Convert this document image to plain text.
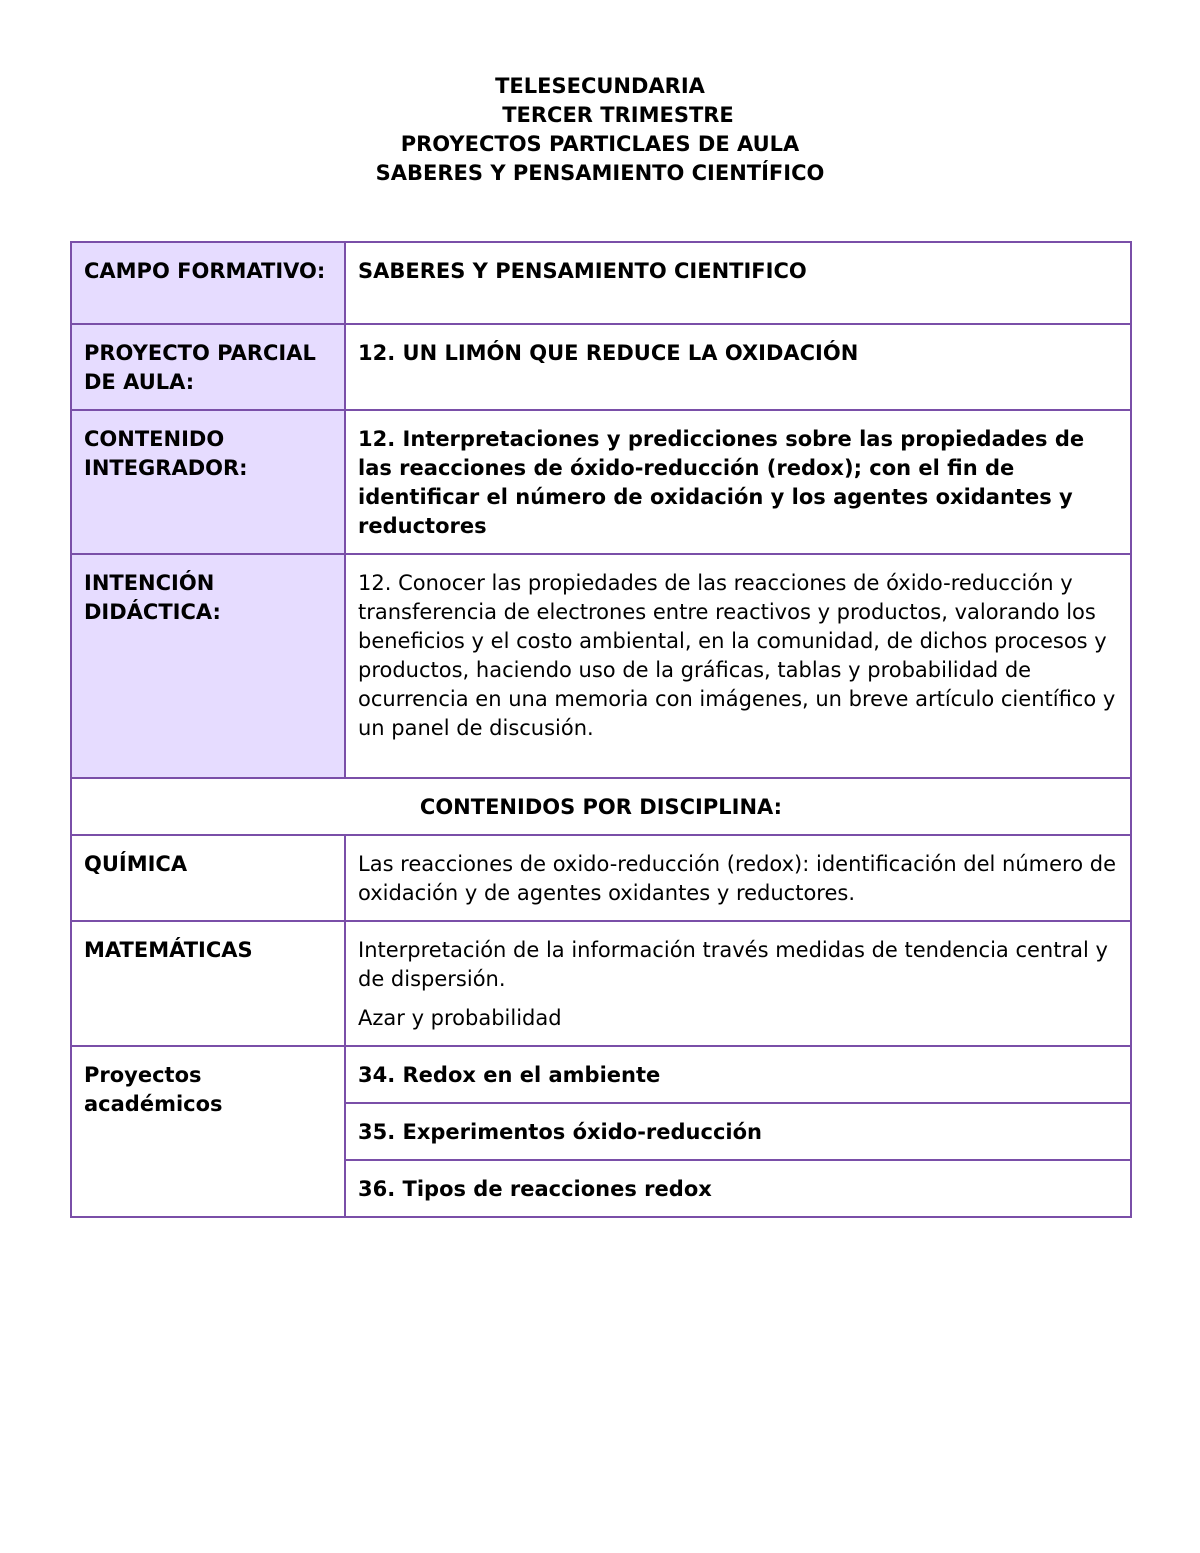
TELESECUNDARIA
TERCER TRIMESTRE
PROYECTOS PARTICLAES DE AULA
SABERES Y PENSAMIENTO CIENTÍFICO
CAMPO FORMATIVO:	SABERES Y PENSAMIENTO CIENTIFICO
PROYECTO PARCIAL DE AULA:	12. UN LIMÓN QUE REDUCE LA OXIDACIÓN
CONTENIDO INTEGRADOR:	12. Interpretaciones y predicciones sobre las propiedades de las reacciones de óxido-reducción (redox); con el fin de identificar el número de oxidación y los agentes oxidantes y reductores
INTENCIÓN DIDÁCTICA:	12. Conocer las propiedades de las reacciones de óxido-reducción y transferencia de electrones entre reactivos y productos, valorando los beneficios y el costo ambiental, en la comunidad, de dichos procesos y productos, haciendo uso de la gráficas, tablas y probabilidad de ocurrencia en una memoria con imágenes, un breve artículo científico y un panel de discusión.
CONTENIDOS POR DISCIPLINA:	
QUÍMICA	Las reacciones de oxido-reducción (redox): identificación del número de oxidación y de agentes oxidantes y reductores.
MATEMÁTICAS	Interpretación de la información través medidas de tendencia central y de dispersión.

Azar y probabilidad

Proyectos académicos	34. Redox en el ambiente
	35. Experimentos óxido-reducción
	36. Tipos de reacciones redox
